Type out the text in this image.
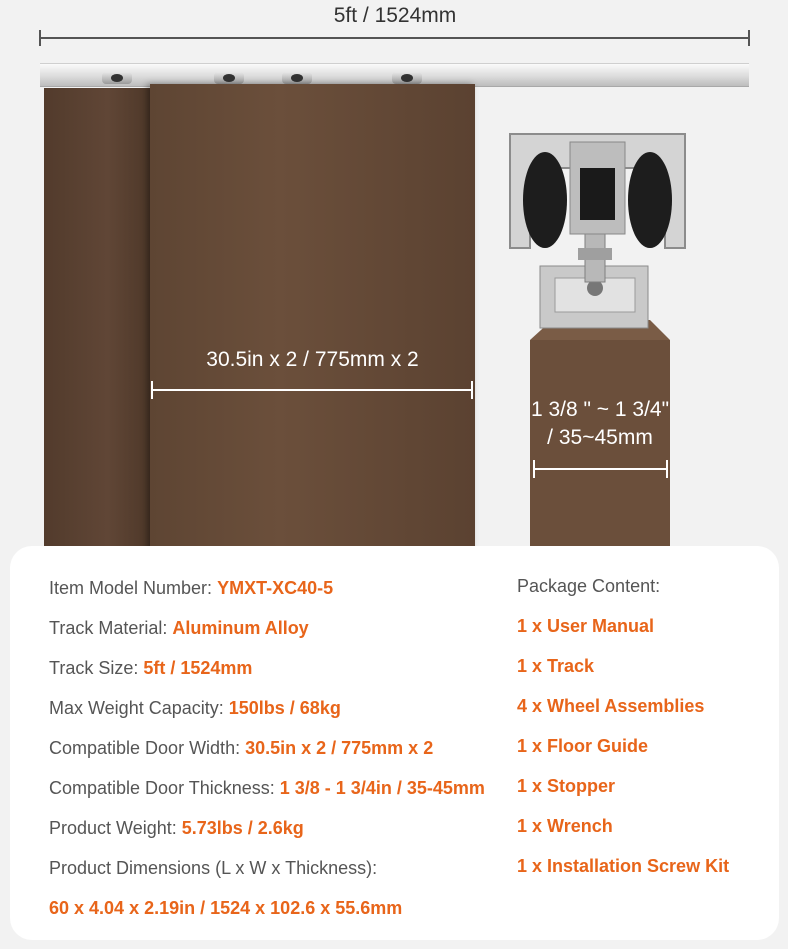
5ft / 1524mm
30.5in x 2 / 775mm x 2
1 3/8 " ~ 1 3/4"
/ 35~45mm
Item Model Number: YMXT-XC40-5
Track Material: Aluminum Alloy
Track Size: 5ft / 1524mm
Max Weight Capacity: 150lbs / 68kg
Compatible Door Width: 30.5in x 2 / 775mm x 2
Compatible Door Thickness: 1 3/8 - 1 3/4in / 35-45mm
Product Weight: 5.73lbs / 2.6kg
Product Dimensions (L x W x Thickness):
60 x 4.04 x 2.19in / 1524 x 102.6 x 55.6mm
Package Content:
1 x User Manual
1 x Track
4 x Wheel Assemblies
1 x Floor Guide
1 x Stopper
1 x Wrench
1 x Installation Screw Kit
